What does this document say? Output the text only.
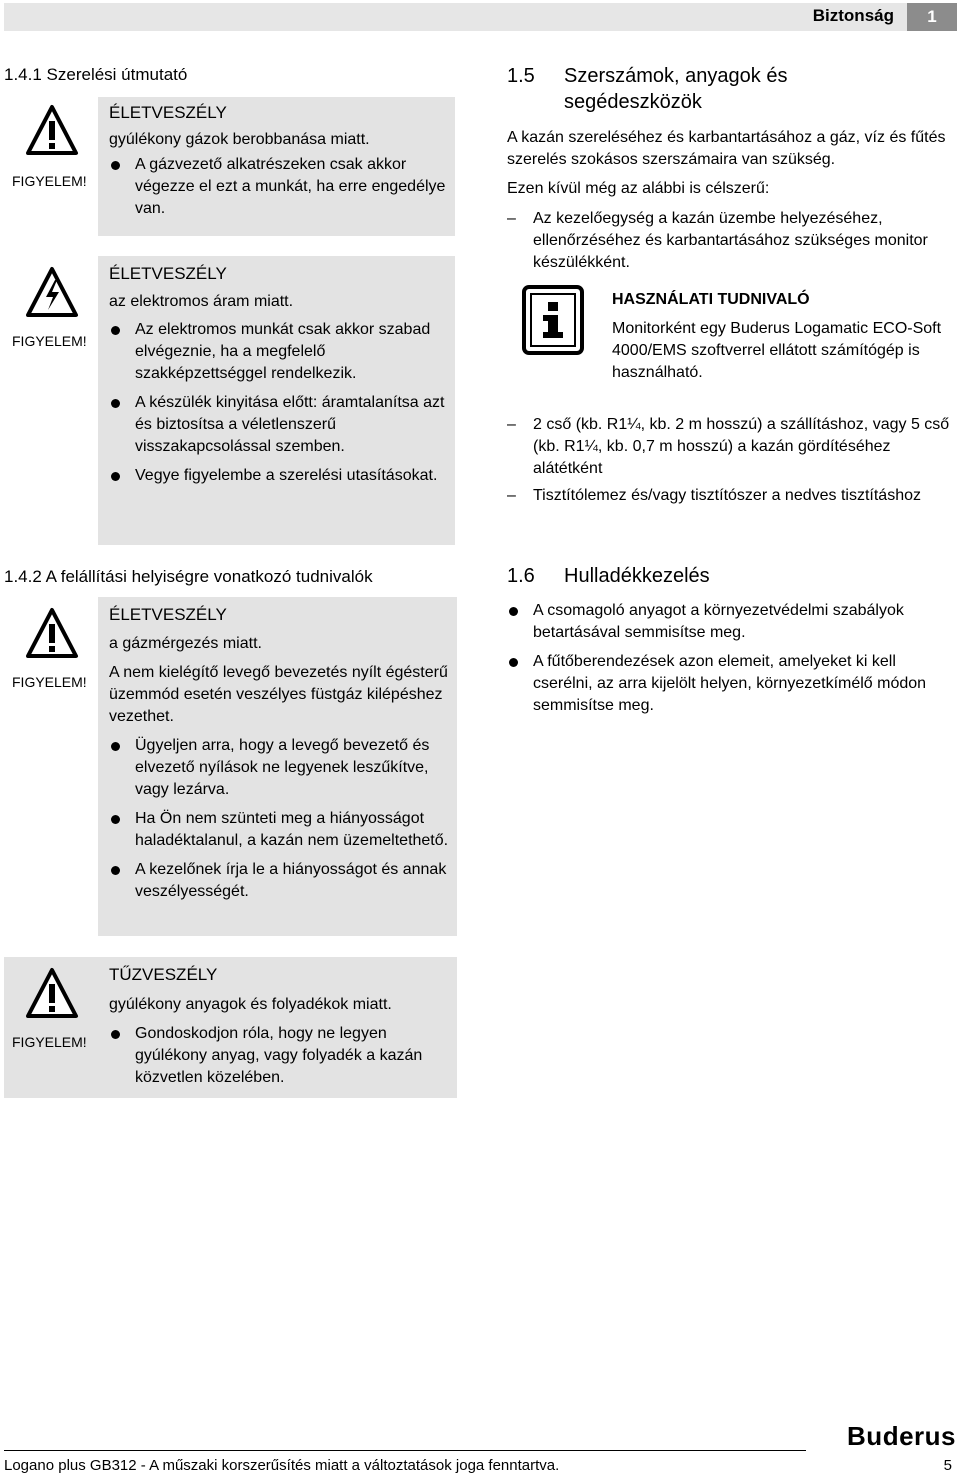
Biztonság	1
1.4.1 Szerelési útmutató
FIGYELEM!
ÉLETVESZÉLY
gyúlékony gázok berobbanása miatt.

A gázvezető alkatrészeken csak akkor végezze el ezt a munkát, ha erre engedélye van.

FIGYELEM!
ÉLETVESZÉLY
az elektromos áram miatt.

Az elektromos munkát csak akkor szabad elvégeznie, ha a megfelelő szakképzettséggel rendelkezik.

A készülék kinyitása előtt: áramtalanítsa azt és biztosítsa a véletlenszerű visszakapcsolással szemben.

Vegye figyelembe a szerelési utasításokat.

1.4.2 A felállítási helyiségre vonatkozó tudnivalók
FIGYELEM!
ÉLETVESZÉLY
a gázmérgezés miatt.
A nem kielégítő levegő bevezetés nyílt égésterű üzemmód esetén veszélyes füstgáz kilépéshez vezethet.

Ügyeljen arra, hogy a levegő bevezető és elvezető nyílások ne legyenek leszűkítve, vagy lezárva.

Ha Ön nem szünteti meg a hiányosságot haladéktalanul, a kazán nem üzemeltethető.

A kezelőnek írja le a hiányosságot és annak veszélyességét.

FIGYELEM!
TŰZVESZÉLY
gyúlékony anyagok és folyadékok miatt.

Gondoskodjon róla, hogy ne legyen gyúlékony anyag, vagy folyadék a kazán közvetlen közelében.

1.5	Szerszámok, anyagok és segédeszközök
A kazán szereléséhez és karbantartásához a gáz, víz és fűtés szerelés szokásos szerszámaira van szükség.
Ezen kívül még az alábbi is célszerű:

– Az kezelőegység a kazán üzembe helyezéséhez, ellenőrzéséhez és karbantartásához szükséges monitor készülékként.

HASZNÁLATI TUDNIVALÓ
Monitorként egy Buderus Logamatic ECO-Soft 4000/EMS szoftverrel ellátott számítógép is használható.

– 2 cső (kb. R1¼, kb. 2 m hosszú) a szállításhoz, vagy 5 cső (kb. R1¼, kb. 0,7 m hosszú) a kazán gördítéséhez alátétként

– Tisztítólemez és/vagy tisztítószer a nedves tisztításhoz

1.6	Hulladékkezelés

A csomagoló anyagot a környezetvédelmi szabályok betartásával semmisítse meg.

A fűtőberendezések azon elemeit, amelyeket ki kell cserélni, az arra kijelölt helyen, környezetkímélő módon semmisítse meg.

Buderus
Logano plus GB312 - A műszaki korszerűsítés miatt a változtatások joga fenntartva.	5
